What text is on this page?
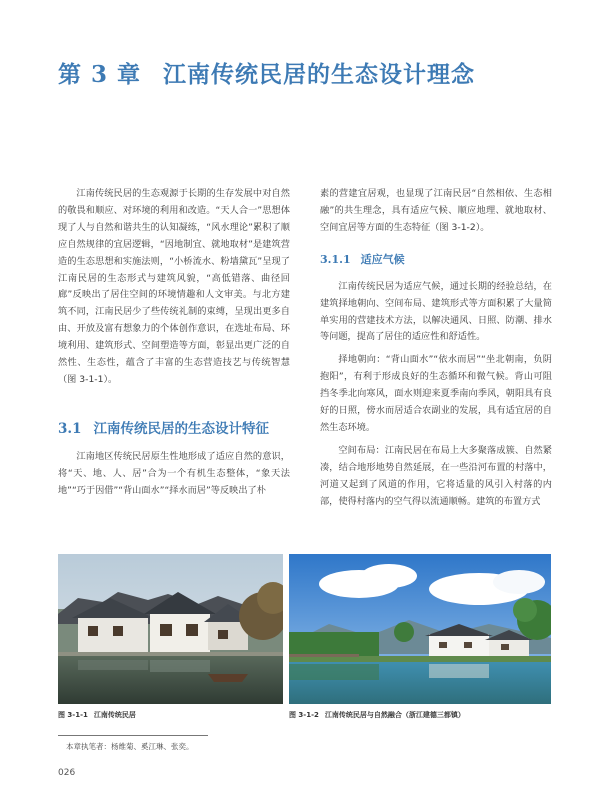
第 3 章 江南传统民居的生态设计理念

江南传统民居的生态观源于长期的生存发展中对自然的敬畏和顺应、对环境的利用和改造。“天人合一”思想体现了人与自然和谐共生的认知凝练，“风水理论”累积了顺应自然规律的宜居逻辑，“因地制宜、就地取材”是建筑营造的生态思想和实施法则，“小桥流水、粉墙黛瓦”呈现了江南民居的生态形式与建筑风貌，“高低错落、曲径回廊”反映出了居住空间的环境情趣和人文审美。与北方建筑不同，江南民居少了些传统礼制的束缚，呈现出更多自由、开放及富有想象力的个体创作意识，在选址布局、环境利用、建筑形式、空间塑造等方面，彰显出更广泛的自然性、生态性，蕴含了丰富的生态营造技艺与传统智慧（图 3-1-1）。

3.1 江南传统民居的生态设计特征

江南地区传统民居原生性地形成了适应自然的意识，将“天、地、人、居”合为一个有机生态整体，“象天法地”“巧于因借”“背山面水”“择水而居”等反映出了朴

素的营建宜居观，也显现了江南民居“自然相依、生态相融”的共生理念，具有适应气候、顺应地理、就地取材、空间宜居等方面的生态特征（图 3-1-2）。

3.1.1 适应气候

江南传统民居为适应气候，通过长期的经验总结，在建筑择地朝向、空间布局、建筑形式等方面积累了大量简单实用的营建技术方法，以解决通风、日照、防潮、排水等问题，提高了居住的适应性和舒适性。

择地朝向：“背山面水”“依水而居”“坐北朝南，负阴抱阳”，有利于形成良好的生态循环和微气候。背山可阻挡冬季北向寒风，面水则迎来夏季南向季风，朝阳具有良好的日照，傍水而居适合农副业的发展，具有适宜居的自然生态环境。

空间布局：江南民居在布局上大多聚落成簇、自然紧凑，结合地形地势自然延展，在一些沿河布置的村落中，河道又起到了风道的作用，它将适量的风引入村落的内部，使得村落内的空气得以流通顺畅。建筑的布置方式

图 3-1-1 江南传统民居	图 3-1-2 江南传统民居与自然融合（浙江建德三都镇）
本章执笔者：杨维菊、奚江琳、张奕。
026
